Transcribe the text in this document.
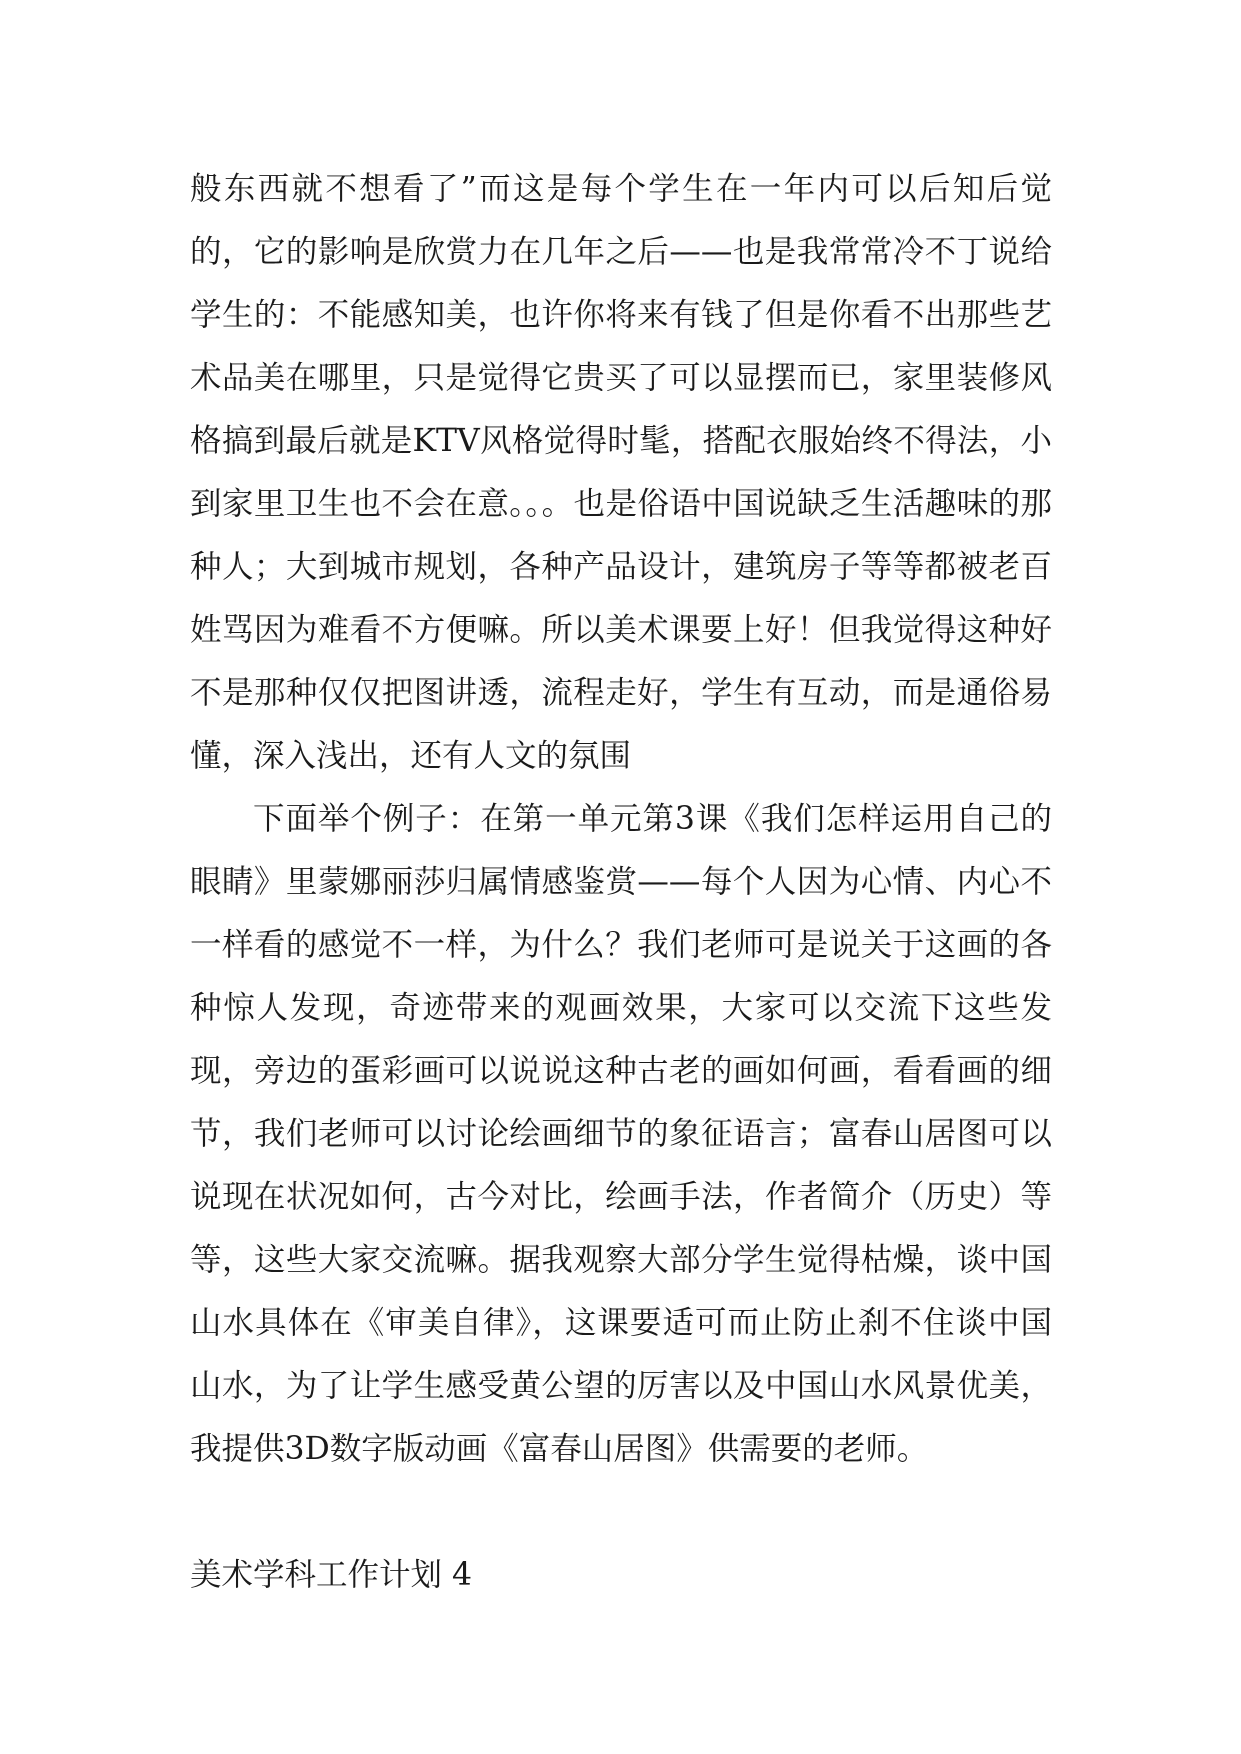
般东西就不想看了”而这是每个学生在一年内可以后知后觉的，它的影响是欣赏力在几年之后——也是我常常冷不丁说给学生的：不能感知美，也许你将来有钱了但是你看不出那些艺术品美在哪里，只是觉得它贵买了可以显摆而已，家里装修风格搞到最后就是KTV风格觉得时髦，搭配衣服始终不得法，小到家里卫生也不会在意。。。也是俗语中国说缺乏生活趣味的那种人；大到城市规划，各种产品设计，建筑房子等等都被老百姓骂因为难看不方便嘛。所以美术课要上好！但我觉得这种好不是那种仅仅把图讲透，流程走好，学生有互动，而是通俗易懂，深入浅出，还有人文的氛围

下面举个例子：在第一单元第3课《我们怎样运用自己的眼睛》里蒙娜丽莎归属情感鉴赏——每个人因为心情、内心不一样看的感觉不一样，为什么？我们老师可是说关于这画的各种惊人发现，奇迹带来的观画效果，大家可以交流下这些发现，旁边的蛋彩画可以说说这种古老的画如何画，看看画的细节，我们老师可以讨论绘画细节的象征语言；富春山居图可以说现在状况如何，古今对比，绘画手法，作者简介（历史）等等，这些大家交流嘛。据我观察大部分学生觉得枯燥，谈中国山水具体在《审美自律》，这课要适可而止防止刹不住谈中国山水，为了让学生感受黄公望的厉害以及中国山水风景优美，我提供3D数字版动画《富春山居图》供需要的老师。

美术学科工作计划 4
